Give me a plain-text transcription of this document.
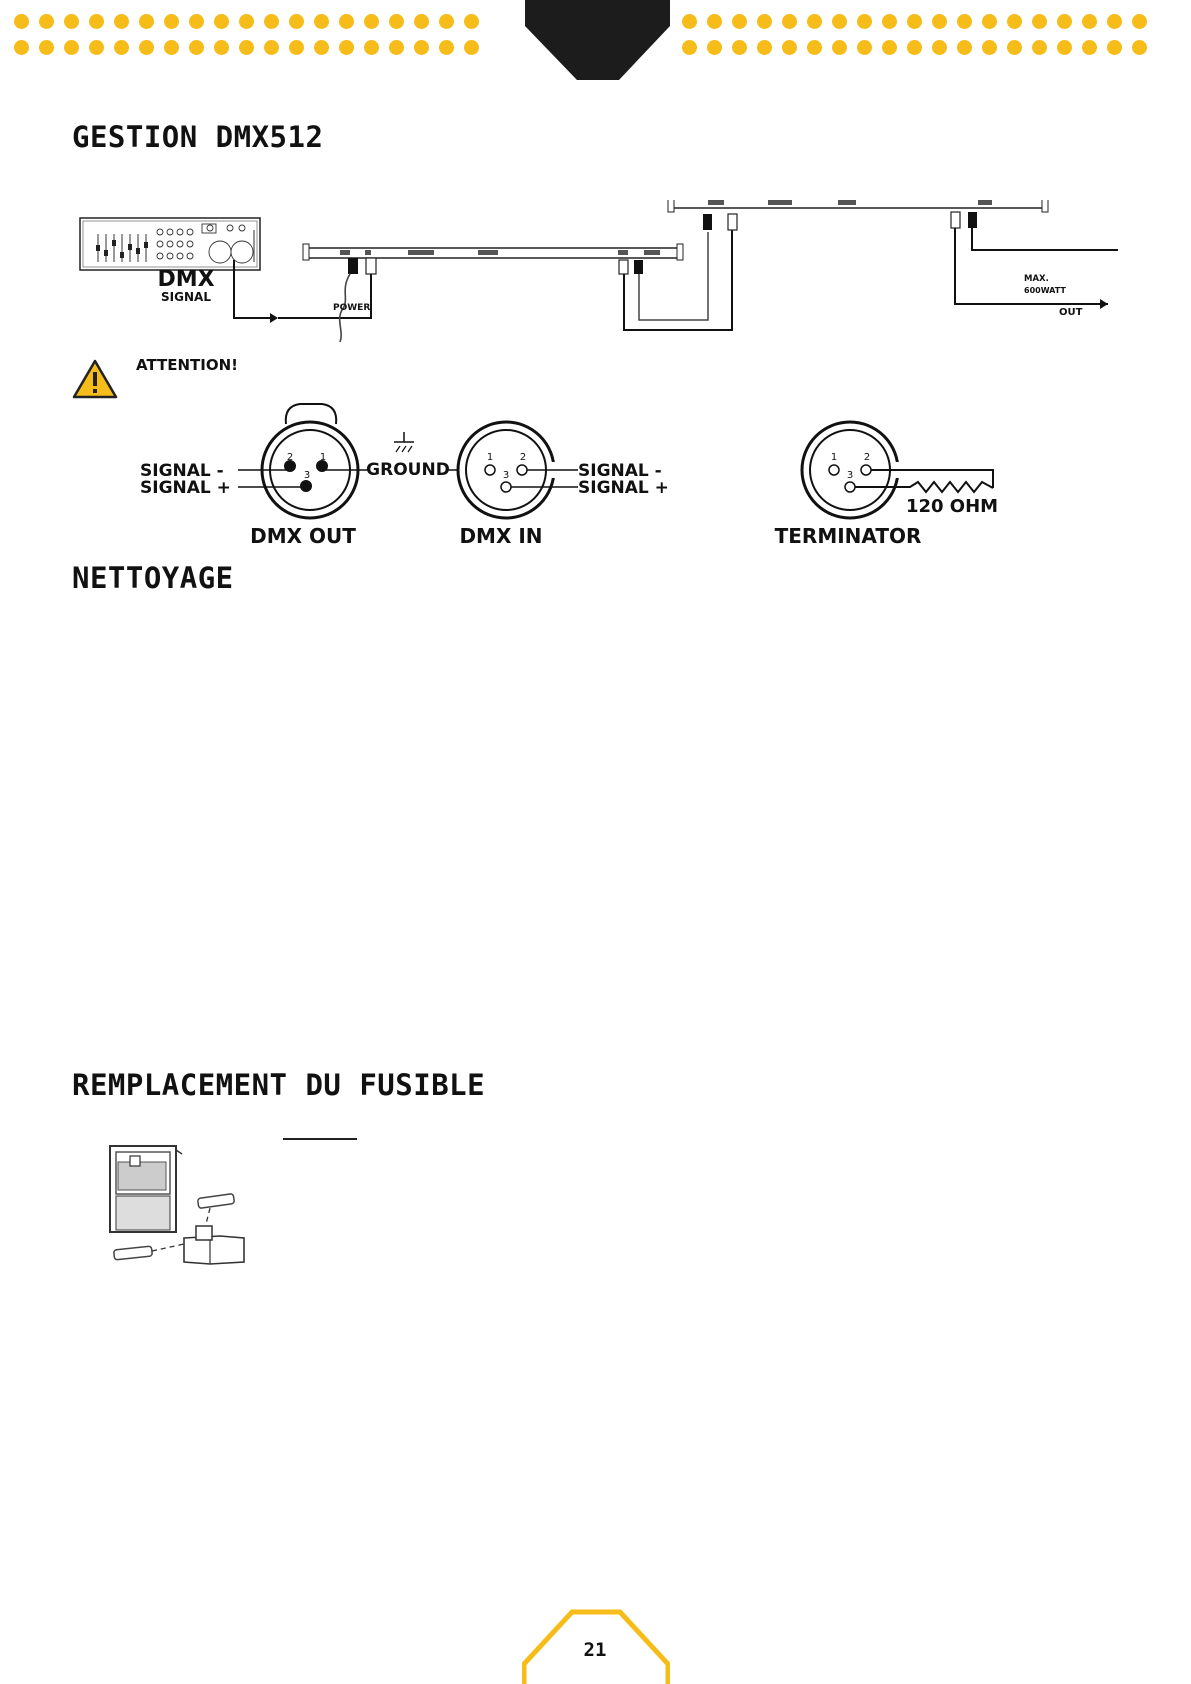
GESTION DMX512
NETTOYAGE
REMPLACEMENT DU FUSIBLE
DMX
SIGNAL
POWER
MAX.
600WATT
OUT

ATTENTION!

2	1
3
SIGNAL -
SIGNAL +
GROUND
1	2
3	SIGNAL -
SIGNAL +
DMX OUT	DMX IN
1	2
3
120 OHM
TERMINATOR
21
